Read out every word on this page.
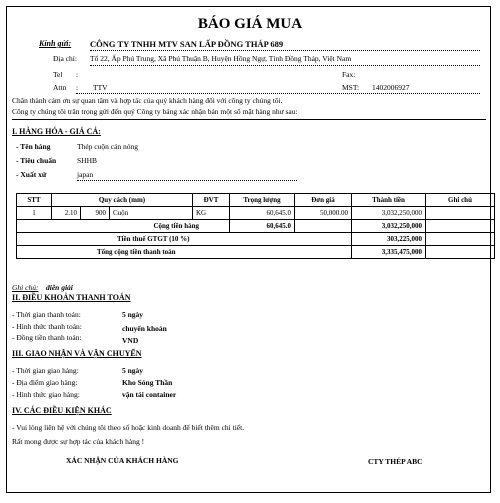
BÁO GIÁ MUA
Kính gửi: CÔNG TY TNHH MTV SAN LẤP ĐỒNG THÁP 689
Địa chỉ: Tổ 22, Ấp Phú Trung, Xã Phú Thuận B, Huyện Hồng Ngự, Tỉnh Đồng Tháp, Việt Nam
Tel :	Fax:
Attn : TTV	MST: 1402006927
Chân thành cám ơn sự quan tâm và hợp tác của quý khách hàng đối với công ty chúng tôi.
Công ty chúng tôi trân trọng gửi đến quý Công ty bảng xác nhận bán một số mặt hàng như sau:
I. HÀNG HÓA - GIÁ CẢ:
- Tên hàng	Thép cuộn cán nóng
- Tiêu chuẩn	SHHB
- Xuất xứ	japan
STT	Quy cách (mm)			ĐVT	Trọng lượng	Đơn giá	Thành tiền	Ghi chú
1	2.10	900	Cuộn	KG	60,645.0	50,000.00	3,032,250,000	
Cộng tiền hàng					60,645.0		3,032,250,000	
Tiền thuế GTGT (10 %)							303,225,000	
Tổng cộng tiền thanh toán							3,335,475,000	
Ghi chú: diễn giải
II. ĐIỀU KHOẢN THANH TOÁN
- Thời gian thanh toán:	5 ngày
- Hình thức thanh toán:	chuyển khoản
- Đồng tiền thanh toán:	VND
III. GIAO NHẬN VÀ VẬN CHUYỂN
- Thời gian giao hàng:	5 ngày
- Địa điểm giao hàng:	Kho Sóng Thần
- Hình thức giao hàng:	vận tải container
IV. CÁC ĐIỀU KIỆN KHÁC
- Vui lòng liên hệ với chúng tôi theo số hoặc kinh doanh để biết thêm chi tiết.
Rất mong được sự hợp tác của khách hàng !
XÁC NHẬN CỦA KHÁCH HÀNG	CTY THÉP ABC
